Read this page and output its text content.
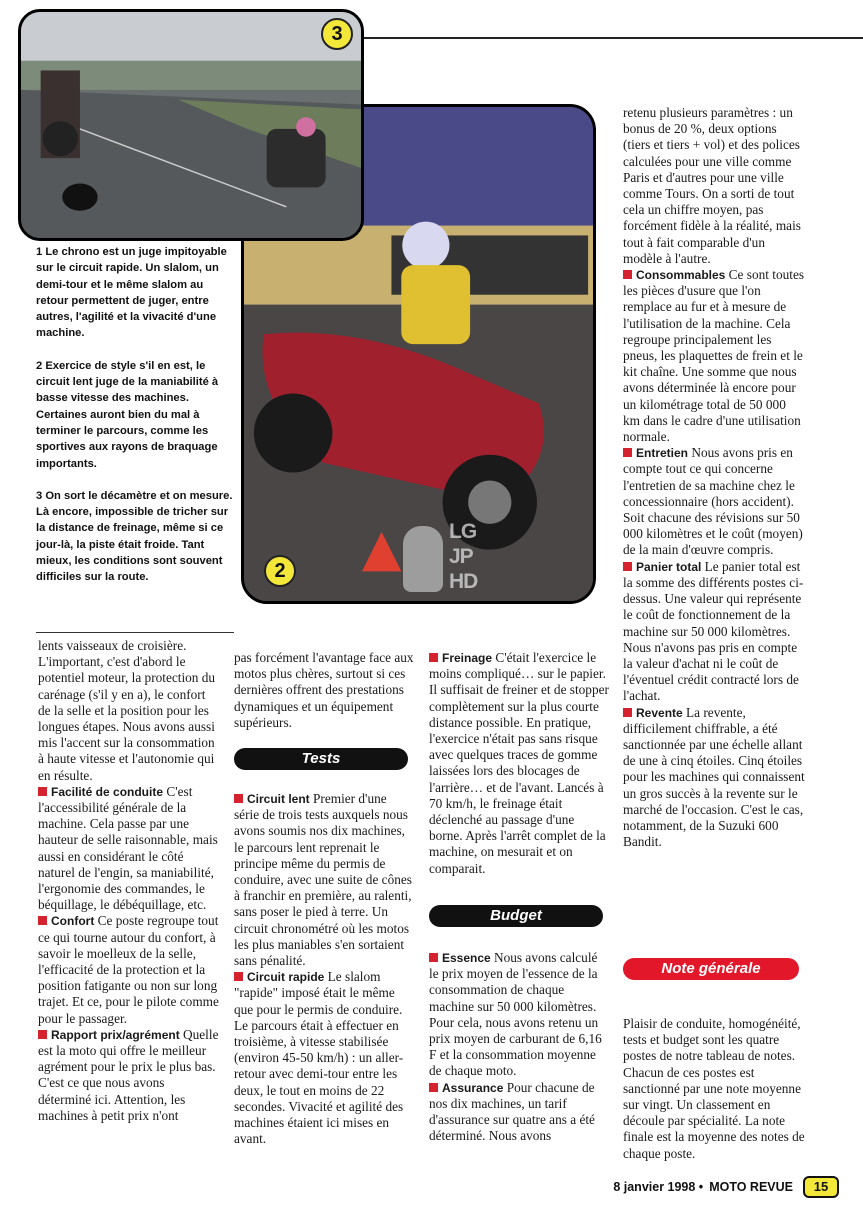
3
2
LG
JP
HD

1 Le chrono est un juge impitoyable sur le circuit rapide. Un slalom, un demi-tour et le même slalom au retour permettent de juger, entre autres, l'agilité et la vivacité d'une machine.

2 Exercice de style s'il en est, le circuit lent juge de la maniabilité à basse vitesse des machines. Certaines auront bien du mal à terminer le parcours, comme les sportives aux rayons de braquage importants.

3 On sort le décamètre et on mesure. Là encore, impossible de tricher sur la distance de freinage, même si ce jour-là, la piste était froide. Tant mieux, les conditions sont souvent difficiles sur la route.

lents vaisseaux de croisière. L'important, c'est d'abord le potentiel moteur, la protection du carénage (s'il y en a), le confort de la selle et la position pour les longues étapes. Nous avons aussi mis l'accent sur la consommation à haute vitesse et l'autonomie qui en résulte.

Facilité de conduite C'est l'accessibilité générale de la machine. Cela passe par une hauteur de selle raisonnable, mais aussi en considérant le côté naturel de l'engin, sa maniabilité, l'ergonomie des commandes, le béquillage, le débéquillage, etc.

Confort Ce poste regroupe tout ce qui tourne autour du confort, à savoir le moelleux de la selle, l'efficacité de la protection et la position fatigante ou non sur long trajet. Et ce, pour le pilote comme pour le passager.

Rapport prix/agrément Quelle est la moto qui offre le meilleur agrément pour le prix le plus bas. C'est ce que nous avons déterminé ici. Attention, les machines à petit prix n'ont

pas forcément l'avantage face aux motos plus chères, surtout si ces dernières offrent des prestations dynamiques et un équipement supérieurs.

Tests

Circuit lent Premier d'une série de trois tests auxquels nous avons soumis nos dix machines, le parcours lent reprenait le principe même du permis de conduire, avec une suite de cônes à franchir en première, au ralenti, sans poser le pied à terre. Un circuit chronométré où les motos les plus maniables s'en sortaient sans pénalité.

Circuit rapide Le slalom "rapide" imposé était le même que pour le permis de conduire. Le parcours était à effectuer en troisième, à vitesse stabilisée (environ 45-50 km/h) : un aller-retour avec demi-tour entre les deux, le tout en moins de 22 secondes. Vivacité et agilité des machines étaient ici mises en avant.

Freinage C'était l'exercice le moins compliqué… sur le papier. Il suffisait de freiner et de stopper complètement sur la plus courte distance possible. En pratique, l'exercice n'était pas sans risque avec quelques traces de gomme laissées lors des blocages de l'arrière… et de l'avant. Lancés à 70 km/h, le freinage était déclenché au passage d'une borne. Après l'arrêt complet de la machine, on mesurait et on comparait.

Budget

Essence Nous avons calculé le prix moyen de l'essence de la consommation de chaque machine sur 50 000 kilomètres. Pour cela, nous avons retenu un prix moyen de carburant de 6,16 F et la consommation moyenne de chaque moto.

Assurance Pour chacune de nos dix machines, un tarif d'assurance sur quatre ans a été déterminé. Nous avons

retenu plusieurs paramètres : un bonus de 20 %, deux options (tiers et tiers + vol) et des polices calculées pour une ville comme Paris et d'autres pour une ville comme Tours. On a sorti de tout cela un chiffre moyen, pas forcément fidèle à la réalité, mais tout à fait comparable d'un modèle à l'autre.

Consommables Ce sont toutes les pièces d'usure que l'on remplace au fur et à mesure de l'utilisation de la machine. Cela regroupe principalement les pneus, les plaquettes de frein et le kit chaîne. Une somme que nous avons déterminée là encore pour un kilométrage total de 50 000 km dans le cadre d'une utilisation normale.

Entretien Nous avons pris en compte tout ce qui concerne l'entretien de sa machine chez le concessionnaire (hors accident). Soit chacune des révisions sur 50 000 kilomètres et le coût (moyen) de la main d'œuvre compris.

Panier total Le panier total est la somme des différents postes ci-dessus. Une valeur qui représente le coût de fonctionnement de la machine sur 50 000 kilomètres. Nous n'avons pas pris en compte la valeur d'achat ni le coût de l'éventuel crédit contracté lors de l'achat.

Revente La revente, difficilement chiffrable, a été sanctionnée par une échelle allant de une à cinq étoiles. Cinq étoiles pour les machines qui connaissent un gros succès à la revente sur le marché de l'occasion. C'est le cas, notamment, de la Suzuki 600 Bandit.

Note générale

Plaisir de conduite, homogénéité, tests et budget sont les quatre postes de notre tableau de notes. Chacun de ces postes est sanctionné par une note moyenne sur vingt. Un classement en découle par spécialité. La note finale est la moyenne des notes de chaque poste.

8 janvier 1998 • MOTO REVUE	15
